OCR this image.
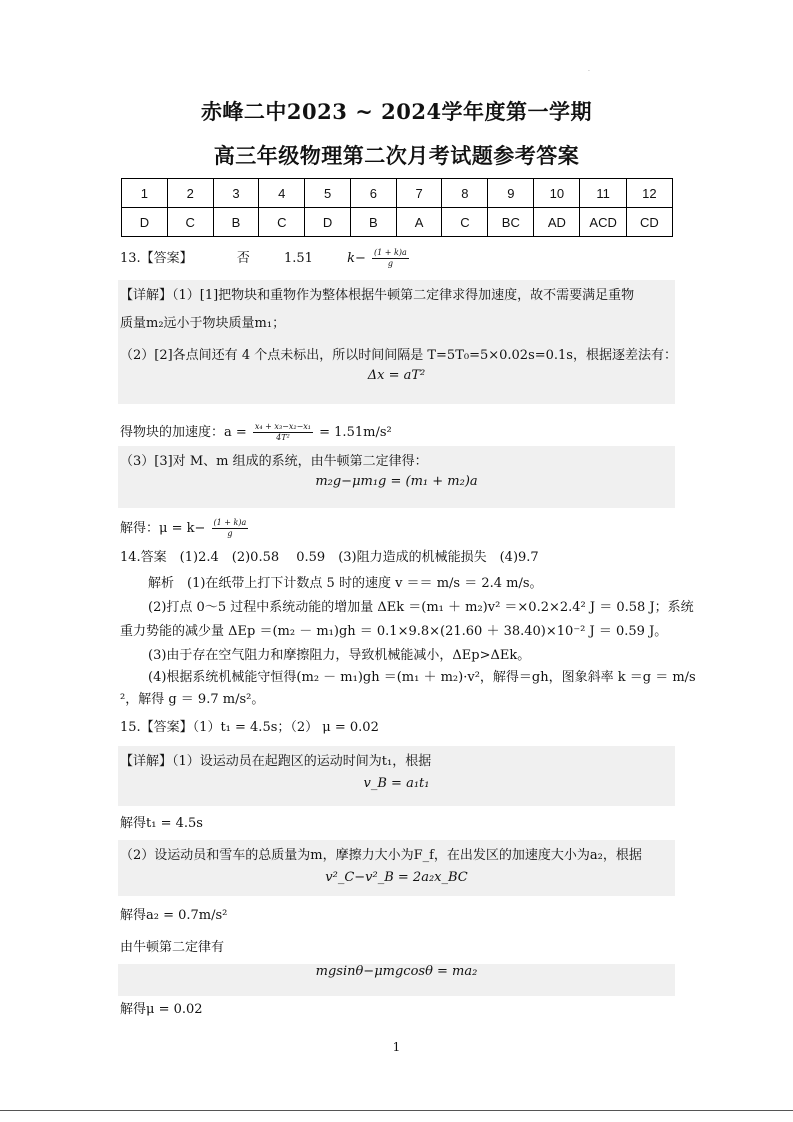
.
赤峰二中2023 ~ 2024学年度第一学期
高三年级物理第二次月考试题参考答案
1	2	3	4	5	6	7	8	9	10	11	12
D	C	B	C	D	B	A	C	BC	AD	ACD	CD
13.【答案】	否	1.51	$k- \frac{(1 + k)a}{g}$
【详解】（1）[1]把物块和重物作为整体根据牛顿第二定律求得加速度，故不需要满足重物
质量m₂远小于物块质量m₁；
（2）[2]各点间还有 4 个点未标出，所以时间间隔是 T=5T₀=5×0.02s=0.1s，根据逐差法有：
Δx = aT²
得物块的加速度：$a = \frac{\text{x₄ + x₃−x₂−x₁}}{\text{4T²}} = 1.51m/s^2$
（3）[3]对 M、m 组成的系统，由牛顿第二定律得：
m₂g−μm₁g = (m₁ + m₂)a
解得：$\mu = k- \frac{(1 + k)a}{g}$
14.答案　(1)2.4　(2)0.58　 0.59　(3)阻力造成的机械能损失　(4)9.7
解析　(1)在纸带上打下计数点 5 时的速度 v ＝＝ m/s ＝ 2.4 m/s。
(2)打点 0～5 过程中系统动能的增加量 ΔEk ＝(m₁ ＋ m₂)v² ＝×0.2×2.4² J ＝ 0.58 J；系统
重力势能的减少量 ΔEp ＝(m₂ － m₁)gh ＝ 0.1×9.8×(21.60 ＋ 38.40)×10⁻² J ＝ 0.59 J。
(3)由于存在空气阻力和摩擦阻力，导致机械能减小，ΔEp>ΔEk。
(4)根据系统机械能守恒得(m₂ － m₁)gh ＝(m₁ ＋ m₂)·v²，解得＝gh，图象斜率 k ＝g ＝ m/s
²，解得 g ＝ 9.7 m/s²。
15.【答案】（1）t₁ = 4.5s；（2） μ = 0.02
【详解】（1）设运动员在起跑区的运动时间为t₁，根据
v_B = a₁t₁
解得t₁ = 4.5s
（2）设运动员和雪车的总质量为m，摩擦力大小为F_f，在出发区的加速度大小为a₂，根据
v²_C−v²_B = 2a₂x_BC
解得a₂ = 0.7m/s²
由牛顿第二定律有
mgsinθ−μmgcosθ = ma₂
解得μ = 0.02
1
